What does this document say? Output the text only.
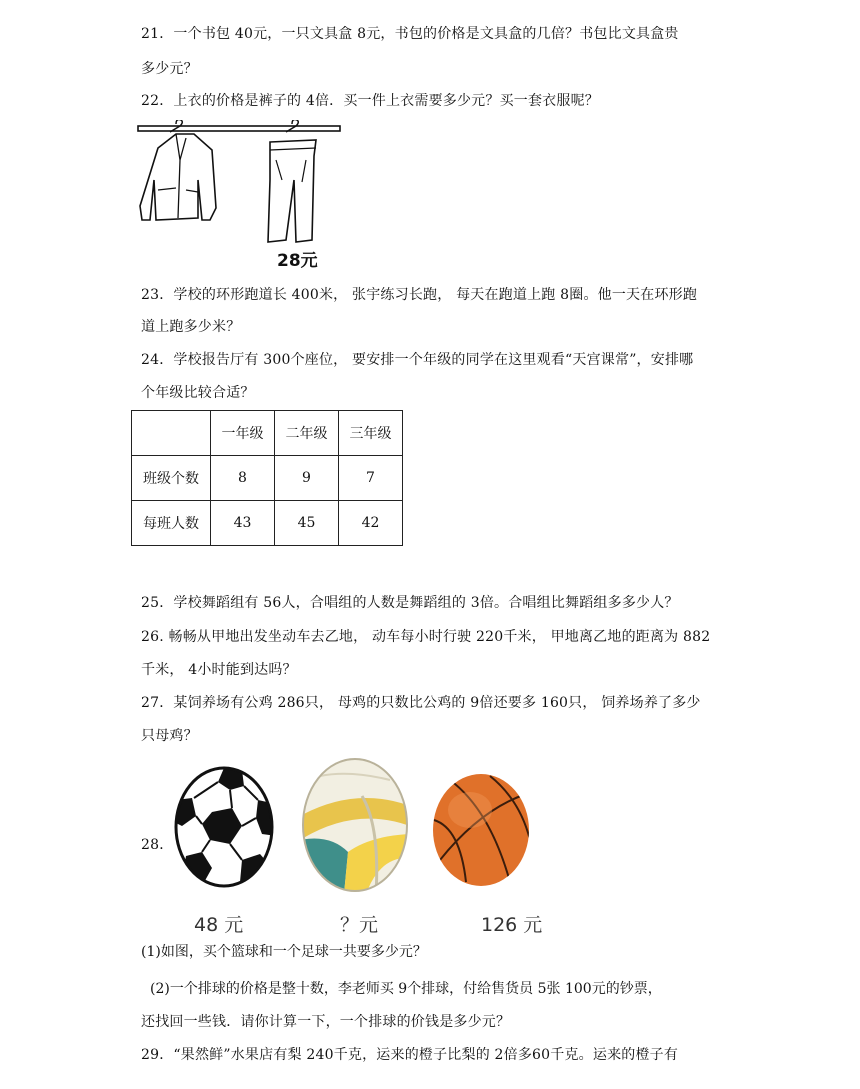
21．一个书包 40元，一只文具盒 8元，书包的价格是文具盒的几倍？书包比文具盒贵
多少元？
22．上衣的价格是裤子的 4倍．买一件上衣需要多少元？买一套衣服呢？
28元
23．学校的环形跑道长 400米， 张宇练习长跑， 每天在跑道上跑 8圈。他一天在环形跑
道上跑多少米？
24．学校报告厅有 300个座位， 要安排一个年级的同学在这里观看“天宫课常”，安排哪
个年级比较合适？
	一年级	二年级	三年级
班级个数	8	9	7
每班人数	43	45	42
25．学校舞蹈组有 56人，合唱组的人数是舞蹈组的 3倍。合唱组比舞蹈组多多少人？
26. 畅畅从甲地出发坐动车去乙地， 动车每小时行驶 220千米， 甲地离乙地的距离为 882
千米， 4小时能到达吗？
27．某饲养场有公鸡 286只， 母鸡的只数比公鸡的 9倍还要多 160只， 饲养场养了多少
只母鸡？
28．
48 元	？元	126 元
(1)如图，买个篮球和一个足球一共要多少元？
(2)一个排球的价格是整十数，李老师买 9个排球，付给售货员 5张 100元的钞票，
还找回一些钱．请你计算一下，一个排球的价钱是多少元？
29．“果然鲜”水果店有梨 240千克，运来的橙子比梨的 2倍多60千克。运来的橙子有
